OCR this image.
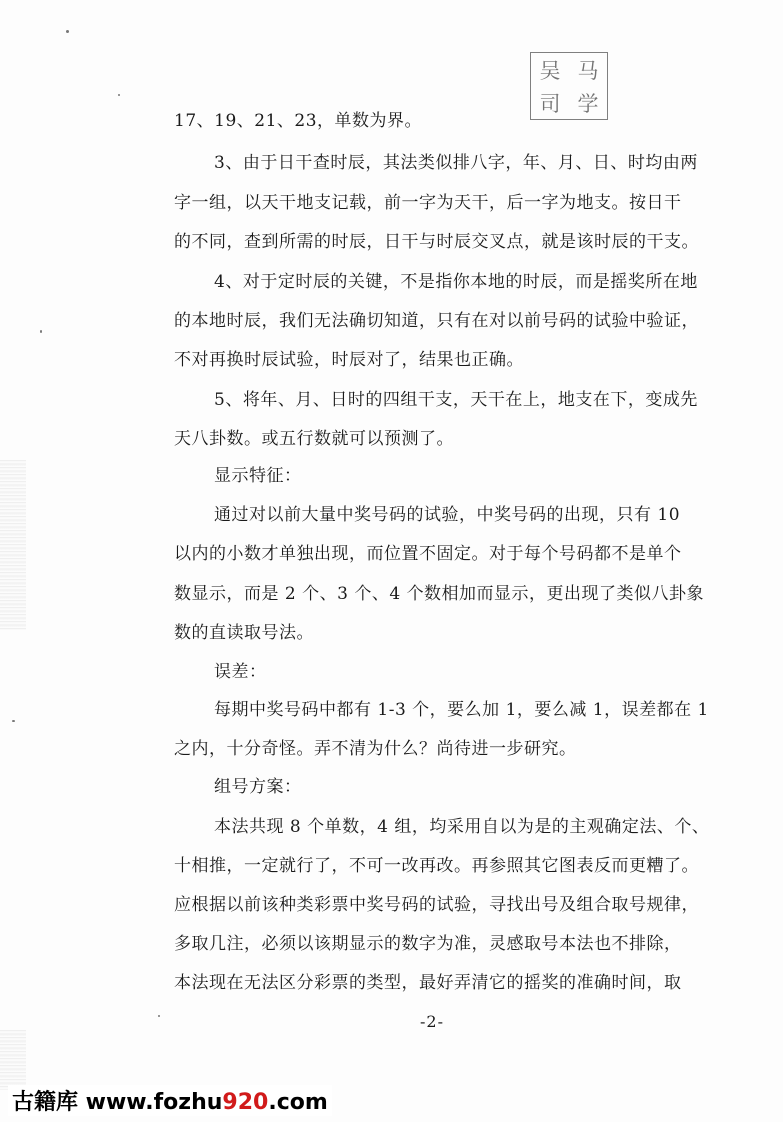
吴 马
司 学
17、19、21、23，单数为界。
3、由于日干查时辰，其法类似排八字，年、月、日、时均由两
字一组，以天干地支记载，前一字为天干，后一字为地支。按日干
的不同，查到所需的时辰，日干与时辰交叉点，就是该时辰的干支。
4、对于定时辰的关键，不是指你本地的时辰，而是摇奖所在地
的本地时辰，我们无法确切知道，只有在对以前号码的试验中验证，
不对再换时辰试验，时辰对了，结果也正确。
5、将年、月、日时的四组干支，天干在上，地支在下，变成先
天八卦数。或五行数就可以预测了。
显示特征：
通过对以前大量中奖号码的试验，中奖号码的出现，只有 10
以内的小数才单独出现，而位置不固定。对于每个号码都不是单个
数显示，而是 2 个、3 个、4 个数相加而显示，更出现了类似八卦象
数的直读取号法。
误差：
每期中奖号码中都有 1-3 个，要么加 1，要么减 1，误差都在 1
之内，十分奇怪。弄不清为什么？尚待进一步研究。
组号方案：
本法共现 8 个单数，4 组，均采用自以为是的主观确定法、个、
十相推，一定就行了，不可一改再改。再参照其它图表反而更糟了。
应根据以前该种类彩票中奖号码的试验，寻找出号及组合取号规律，
多取几注，必须以该期显示的数字为准，灵感取号本法也不排除，
本法现在无法区分彩票的类型，最好弄清它的摇奖的准确时间，取
-2-
古籍库 www.fozhu920.com
